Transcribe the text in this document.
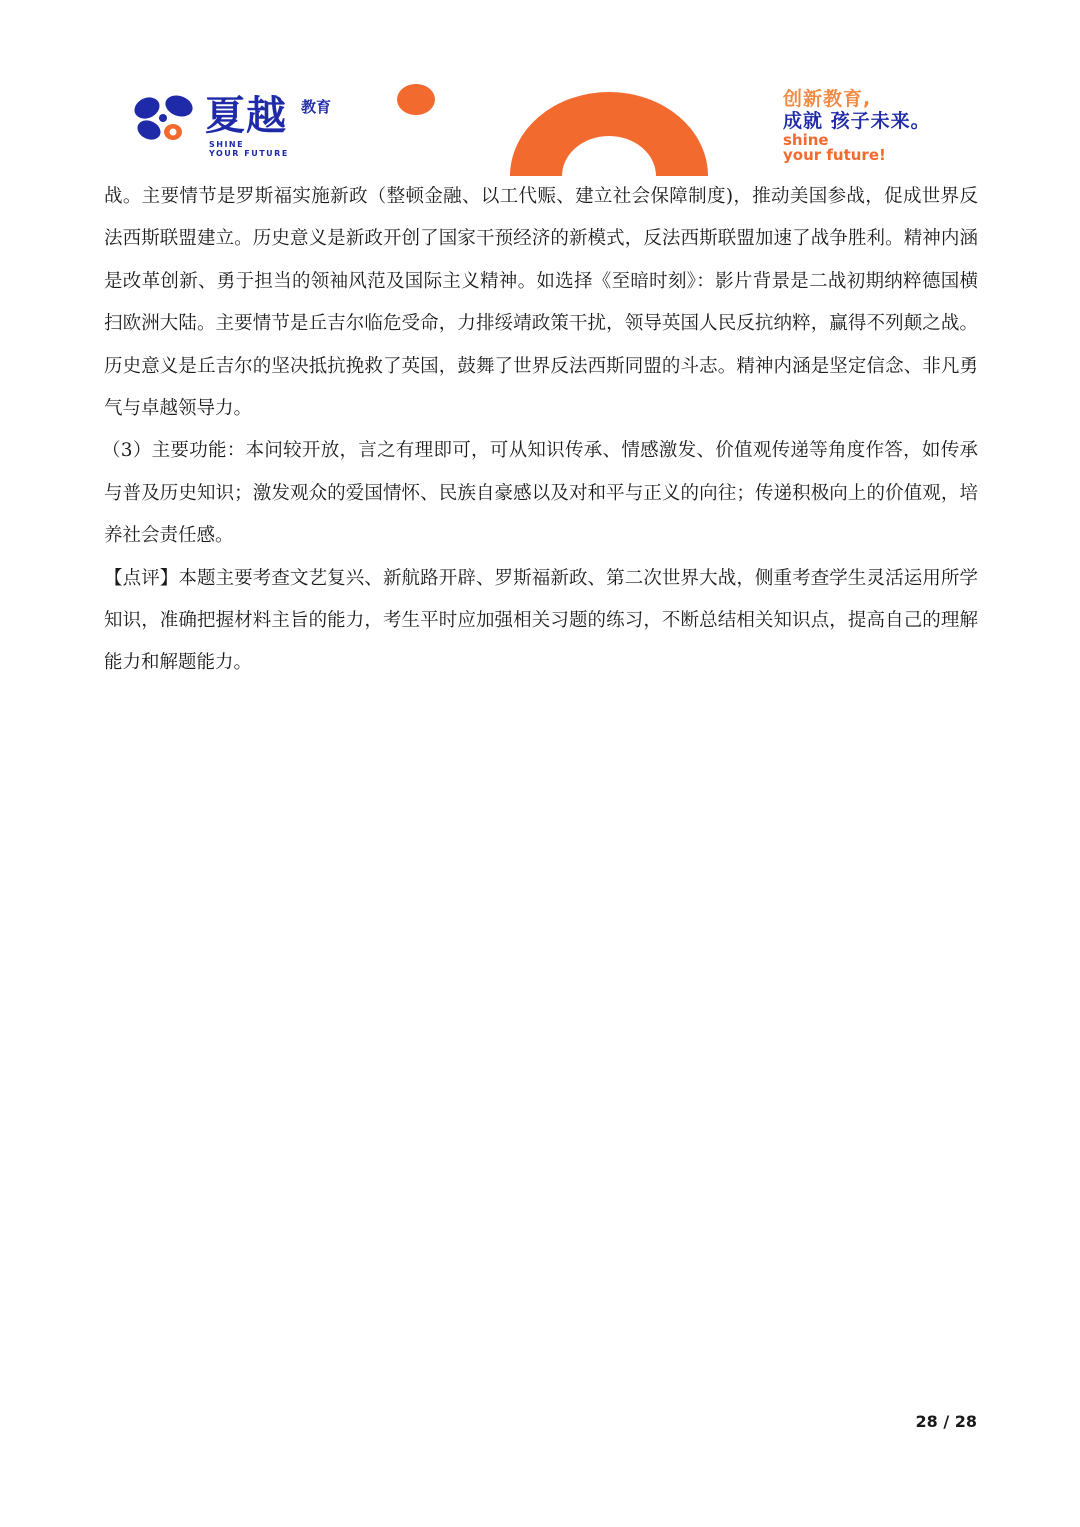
夏越 教育
SHINE
YOUR FUTURE
创新教育,
成就 孩子未来。
shine
your future!

战。主要情节是罗斯福实施新政（整顿金融、以工代赈、建立社会保障制度)，推动美国参战，促成世界反法西斯联盟建立。历史意义是新政开创了国家干预经济的新模式，反法西斯联盟加速了战争胜利。精神内涵是改革创新、勇于担当的领袖风范及国际主义精神。如选择《至暗时刻》：影片背景是二战初期纳粹德国横扫欧洲大陆。主要情节是丘吉尔临危受命，力排绥靖政策干扰，领导英国人民反抗纳粹，赢得不列颠之战。历史意义是丘吉尔的坚决抵抗挽救了英国，鼓舞了世界反法西斯同盟的斗志。精神内涵是坚定信念、非凡勇气与卓越领导力。

（3）主要功能：本问较开放，言之有理即可，可从知识传承、情感激发、价值观传递等角度作答，如传承与普及历史知识；激发观众的爱国情怀、民族自豪感以及对和平与正义的向往；传递积极向上的价值观，培养社会责任感。

【点评】本题主要考查文艺复兴、新航路开辟、罗斯福新政、第二次世界大战，侧重考查学生灵活运用所学知识，准确把握材料主旨的能力，考生平时应加强相关习题的练习，不断总结相关知识点，提高自己的理解能力和解题能力。

28 / 28
